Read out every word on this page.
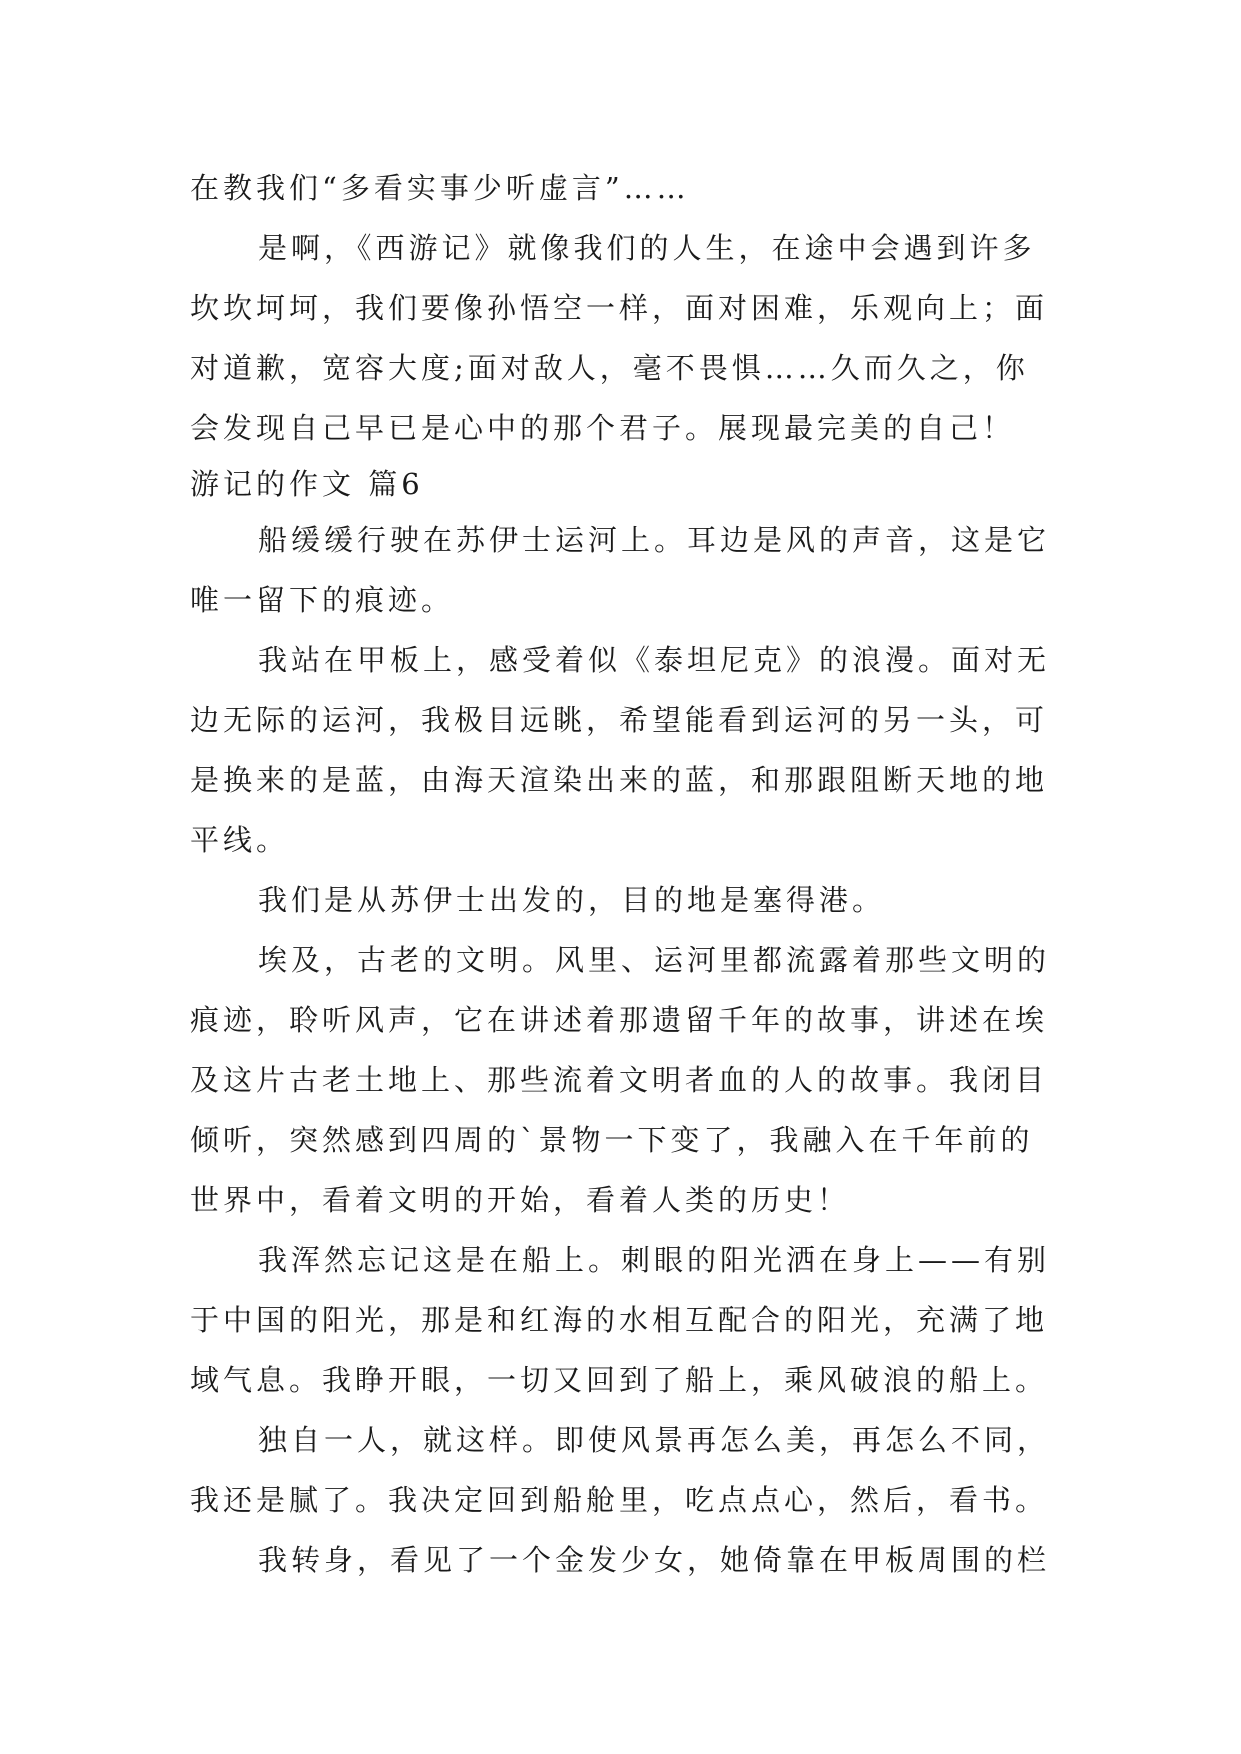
在教我们“多看实事少听虚言”……
是啊，《西游记》就像我们的人生，在途中会遇到许多
坎坎坷坷，我们要像孙悟空一样，面对困难，乐观向上；面
对道歉，宽容大度;面对敌人，毫不畏惧……久而久之，你
会发现自己早已是心中的那个君子。展现最完美的自己！
游记的作文 篇6
船缓缓行驶在苏伊士运河上。耳边是风的声音，这是它
唯一留下的痕迹。
我站在甲板上，感受着似《泰坦尼克》的浪漫。面对无
边无际的运河，我极目远眺，希望能看到运河的另一头，可
是换来的是蓝，由海天渲染出来的蓝，和那跟阻断天地的地
平线。
我们是从苏伊士出发的，目的地是塞得港。
埃及，古老的文明。风里、运河里都流露着那些文明的
痕迹，聆听风声，它在讲述着那遗留千年的故事，讲述在埃
及这片古老土地上、那些流着文明者血的人的故事。我闭目
倾听，突然感到四周的`景物一下变了，我融入在千年前的
世界中，看着文明的开始，看着人类的历史！
我浑然忘记这是在船上。刺眼的阳光洒在身上——有别
于中国的阳光，那是和红海的水相互配合的阳光，充满了地
域气息。我睁开眼，一切又回到了船上，乘风破浪的船上。
独自一人，就这样。即使风景再怎么美，再怎么不同，
我还是腻了。我决定回到船舱里，吃点点心，然后，看书。
我转身，看见了一个金发少女，她倚靠在甲板周围的栏
